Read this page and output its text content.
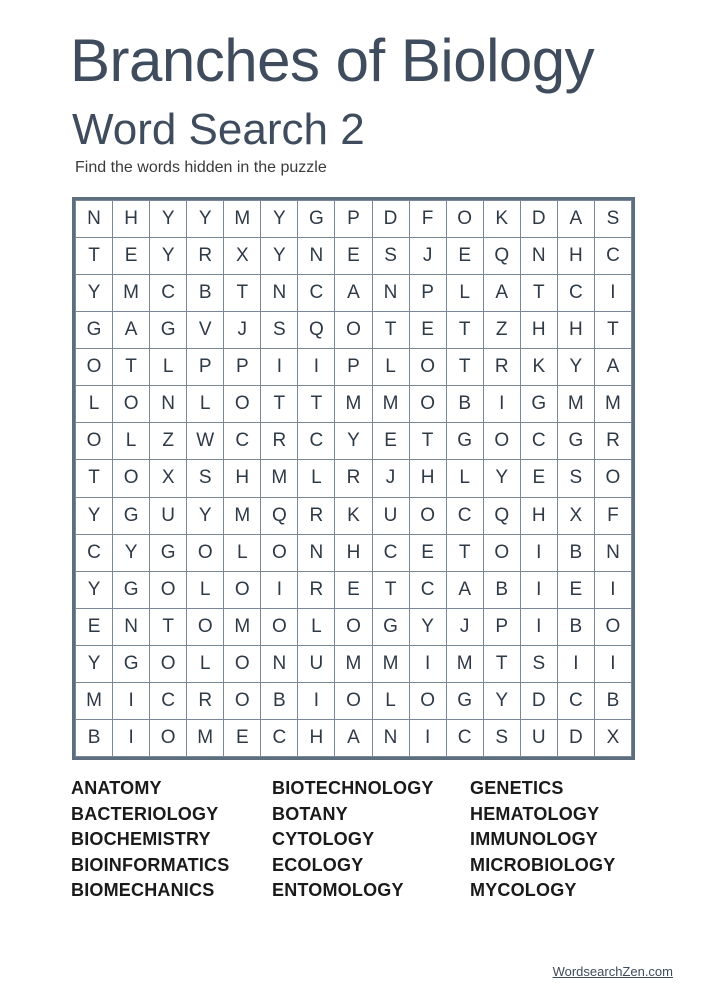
Branches of Biology
Word Search 2
Find the words hidden in the puzzle
N	H	Y	Y	M	Y	G	P	D	F	O	K	D	A	S
T	E	Y	R	X	Y	N	E	S	J	E	Q	N	H	C
Y	M	C	B	T	N	C	A	N	P	L	A	T	C	I
G	A	G	V	J	S	Q	O	T	E	T	Z	H	H	T
O	T	L	P	P	I	I	P	L	O	T	R	K	Y	A
L	O	N	L	O	T	T	M	M	O	B	I	G	M	M
O	L	Z	W	C	R	C	Y	E	T	G	O	C	G	R
T	O	X	S	H	M	L	R	J	H	L	Y	E	S	O
Y	G	U	Y	M	Q	R	K	U	O	C	Q	H	X	F
C	Y	G	O	L	O	N	H	C	E	T	O	I	B	N
Y	G	O	L	O	I	R	E	T	C	A	B	I	E	I
E	N	T	O	M	O	L	O	G	Y	J	P	I	B	O
Y	G	O	L	O	N	U	M	M	I	M	T	S	I	I
M	I	C	R	O	B	I	O	L	O	G	Y	D	C	B
B	I	O	M	E	C	H	A	N	I	C	S	U	D	X
ANATOMY
BACTERIOLOGY
BIOCHEMISTRY
BIOINFORMATICS
BIOMECHANICS
BIOTECHNOLOGY
BOTANY
CYTOLOGY
ECOLOGY
ENTOMOLOGY
GENETICS
HEMATOLOGY
IMMUNOLOGY
MICROBIOLOGY
MYCOLOGY
WordsearchZen.com
